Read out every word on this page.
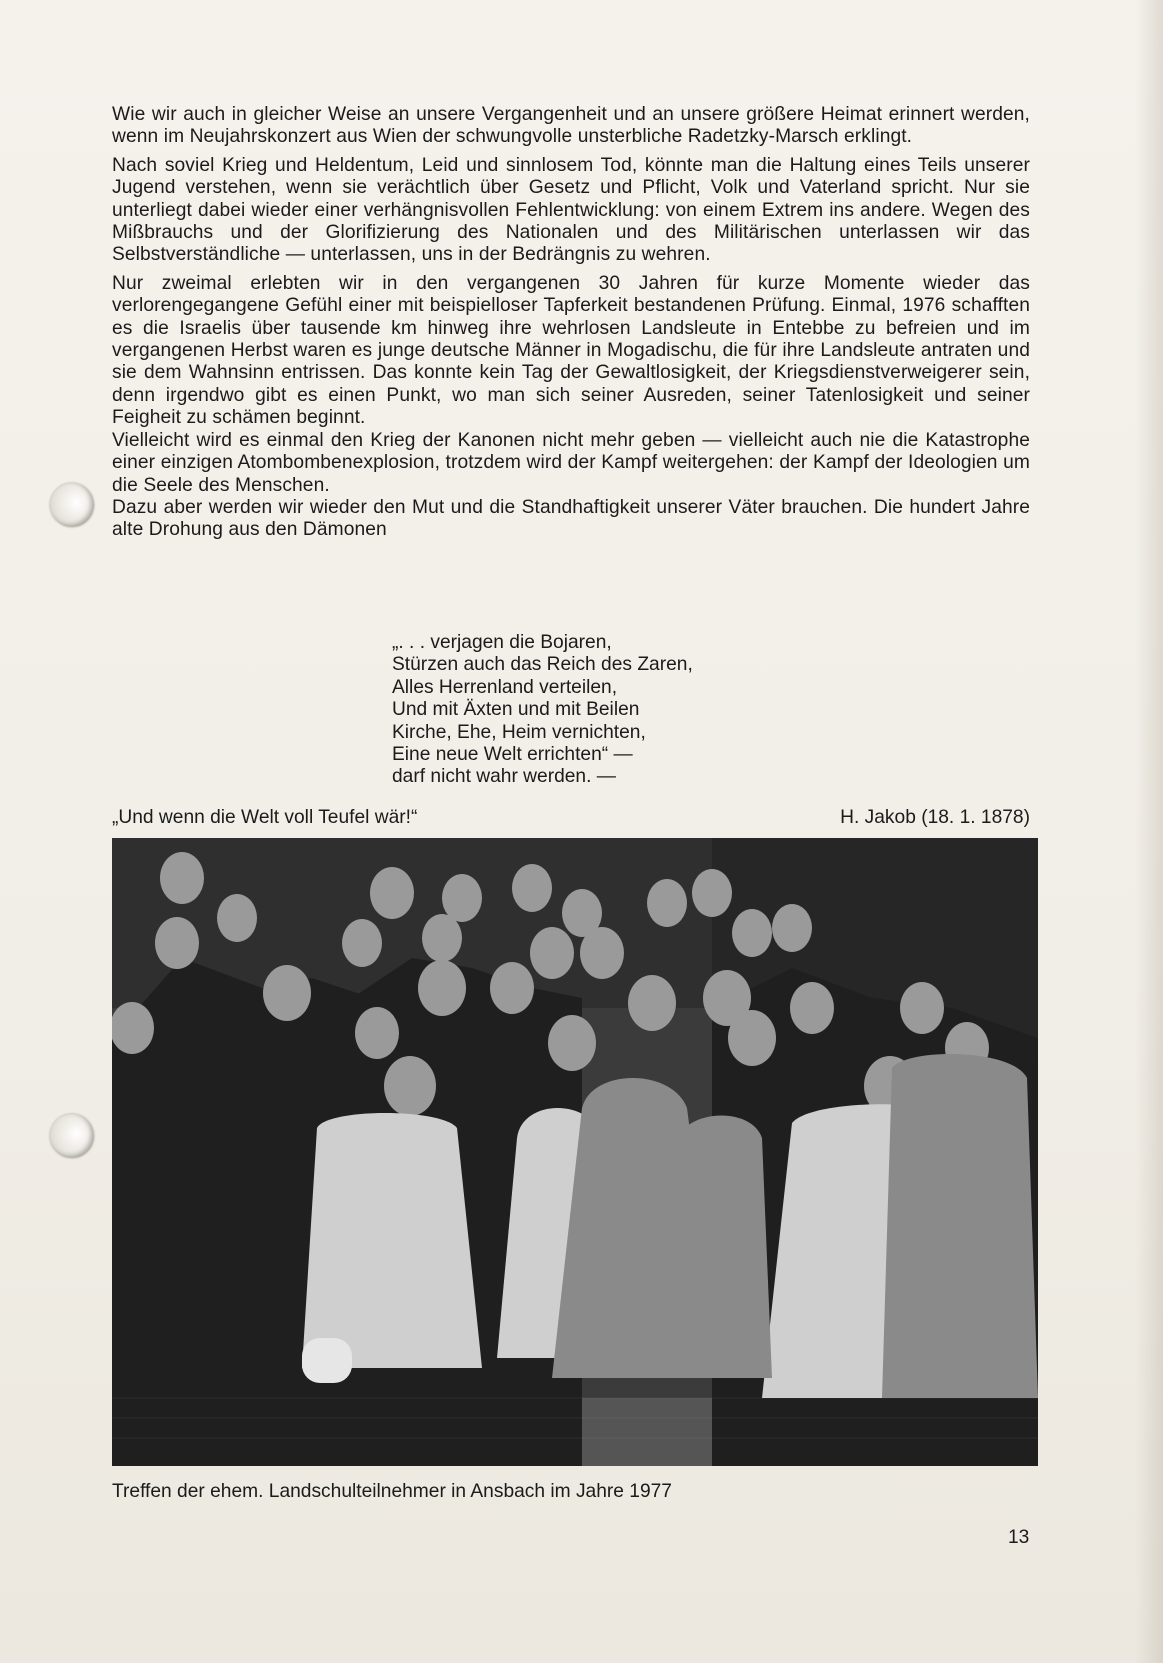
Wie wir auch in gleicher Weise an unsere Vergangenheit und an unsere größere Heimat erinnert werden, wenn im Neujahrskonzert aus Wien der schwungvolle unsterbliche Radetzky-Marsch erklingt.

Nach soviel Krieg und Heldentum, Leid und sinnlosem Tod, könnte man die Haltung eines Teils unserer Jugend verstehen, wenn sie verächtlich über Gesetz und Pflicht, Volk und Vaterland spricht. Nur sie unterliegt dabei wieder einer verhängnisvollen Fehlentwicklung: von einem Extrem ins andere. Wegen des Mißbrauchs und der Glorifizierung des Nationalen und des Militärischen unterlassen wir das Selbstverständliche — unterlassen, uns in der Bedrängnis zu wehren.

Nur zweimal erlebten wir in den vergangenen 30 Jahren für kurze Momente wieder das verlorengegangene Gefühl einer mit beispielloser Tapferkeit bestandenen Prüfung. Einmal, 1976 schafften es die Israelis über tausende km hinweg ihre wehrlosen Landsleute in Entebbe zu befreien und im vergangenen Herbst waren es junge deutsche Männer in Mogadischu, die für ihre Landsleute antraten und sie dem Wahnsinn entrissen. Das konnte kein Tag der Gewaltlosigkeit, der Kriegsdienstverweigerer sein, denn irgendwo gibt es einen Punkt, wo man sich seiner Ausreden, seiner Tatenlosigkeit und seiner Feigheit zu schämen beginnt.

Vielleicht wird es einmal den Krieg der Kanonen nicht mehr geben — vielleicht auch nie die Katastrophe einer einzigen Atombombenexplosion, trotzdem wird der Kampf weitergehen: der Kampf der Ideologien um die Seele des Menschen.

Dazu aber werden wir wieder den Mut und die Standhaftigkeit unserer Väter brauchen. Die hundert Jahre alte Drohung aus den Dämonen

„. . . verjagen die Bojaren,
Stürzen auch das Reich des Zaren,
Alles Herrenland verteilen,
Und mit Äxten und mit Beilen
Kirche, Ehe, Heim vernichten,
Eine neue Welt errichten“ —
darf nicht wahr werden. —
„Und wenn die Welt voll Teufel wär!“	H. Jakob (18. 1. 1878)
Treffen der ehem. Landschulteilnehmer in Ansbach im Jahre 1977
13
